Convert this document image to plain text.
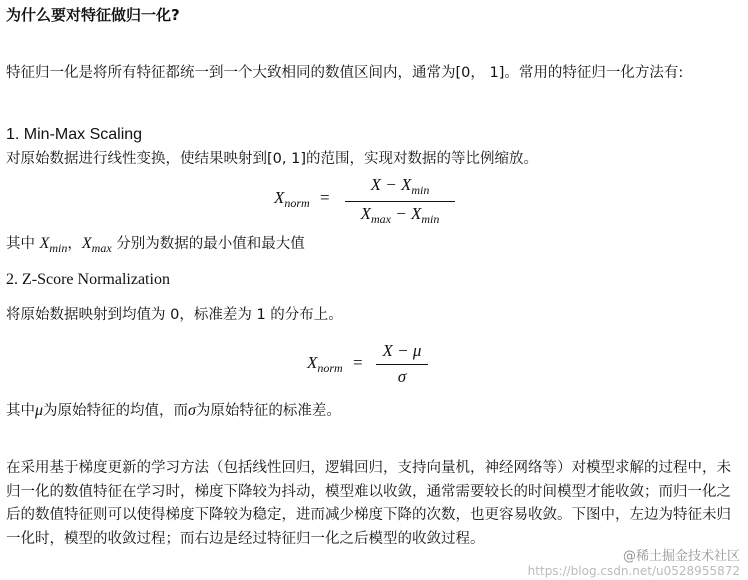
为什么要对特征做归一化?
特征归一化是将所有特征都统一到一个大致相同的数值区间内，通常为[0， 1]。常用的特征归一化方法有:
1. Min-Max Scaling
对原始数据进行线性变换，使结果映射到[0, 1]的范围，实现对数据的等比例缩放。
$X_{norm}$ =
$X - X_{min}$
$X_{max} - X_{min}$
其中 $X_{min}$，$X_{max}$ 分别为数据的最小值和最大值
2. Z-Score Normalization
将原始数据映射到均值为 0，标准差为 1 的分布上。
$X_{norm}$ =
X − μ
σ
其中μ为原始特征的均值，而σ为原始特征的标准差。
在采用基于梯度更新的学习方法（包括线性回归，逻辑回归，支持向量机，神经网络等）对模型求解的过程中，未归一化的数值特征在学习时，梯度下降较为抖动，模型难以收敛，通常需要较长的时间模型才能收敛；而归一化之后的数值特征则可以使得梯度下降较为稳定，进而减少梯度下降的次数，也更容易收敛。下图中，左边为特征未归一化时，模型的收敛过程；而右边是经过特征归一化之后模型的收敛过程。
@稀土掘金技术社区
https://blog.csdn.net/u0528955872
